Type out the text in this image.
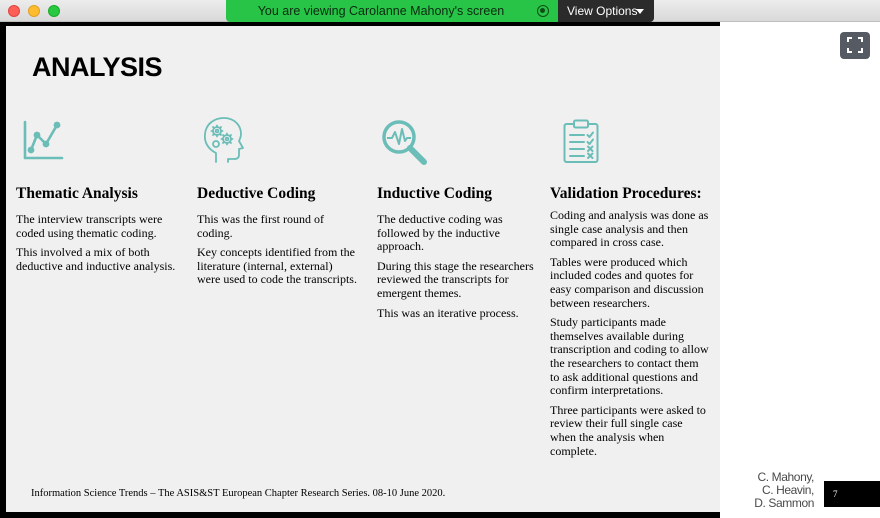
You are viewing Carolanne Mahony's screen	View Options
ANALYSIS
Thematic Analysis

The interview transcripts were coded using thematic coding.

This involved a mix of both deductive and inductive analysis.

Deductive Coding

This was the first round of coding.

Key concepts identified from the literature (internal, external) were used to code the transcripts.

Inductive Coding

The deductive coding was followed by the inductive approach.

During this stage the researchers reviewed the transcripts for emergent themes.

This was an iterative process.

Validation Procedures:

Coding and analysis was done as single case analysis and then compared in cross case.

Tables were produced which included codes and quotes for easy comparison and discussion between researchers.

Study participants made themselves available during transcription and coding to allow the researchers to contact them to ask additional questions and confirm interpretations.

Three participants were asked to review their full single case when the analysis when complete.

Information Science Trends – The ASIS&ST European Chapter Research Series. 08-10 June 2020.
C. Mahony,
C. Heavin,
D. Sammon
7
